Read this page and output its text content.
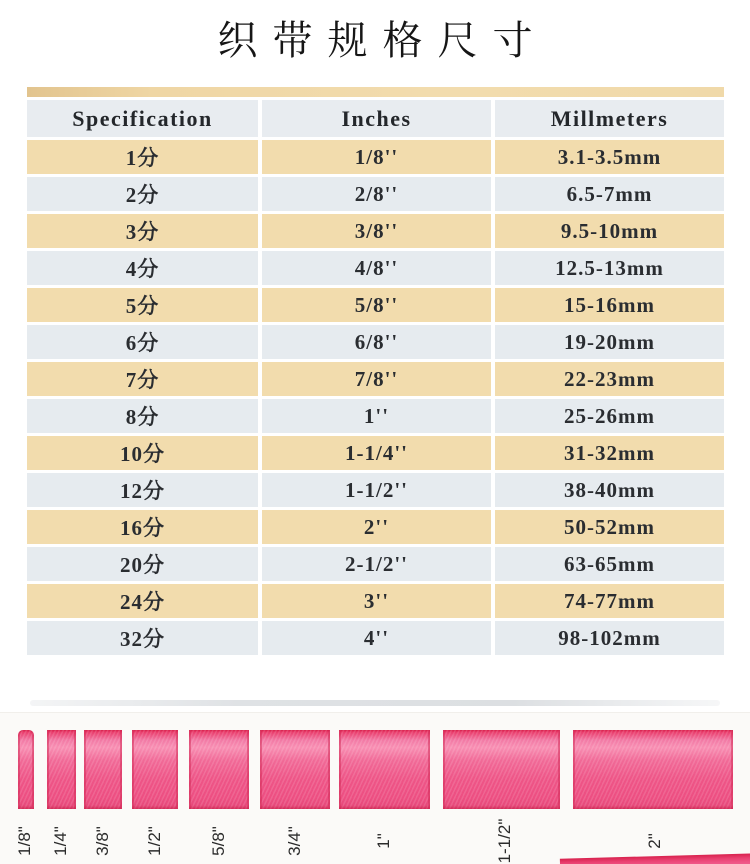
织带规格尺寸
Specification	Inches	Millmeters
1分	1/8''	3.1-3.5mm
2分	2/8''	6.5-7mm
3分	3/8''	9.5-10mm
4分	4/8''	12.5-13mm
5分	5/8''	15-16mm
6分	6/8''	19-20mm
7分	7/8''	22-23mm
8分	1''	25-26mm
10分	1-1/4''	31-32mm
12分	1-1/2''	38-40mm
16分	2''	50-52mm
20分	2-1/2''	63-65mm
24分	3''	74-77mm
32分	4''	98-102mm
1/8"	1/4"	3/8"	1/2"	5/8"	3/4"	1"	1-1/2"	2"
